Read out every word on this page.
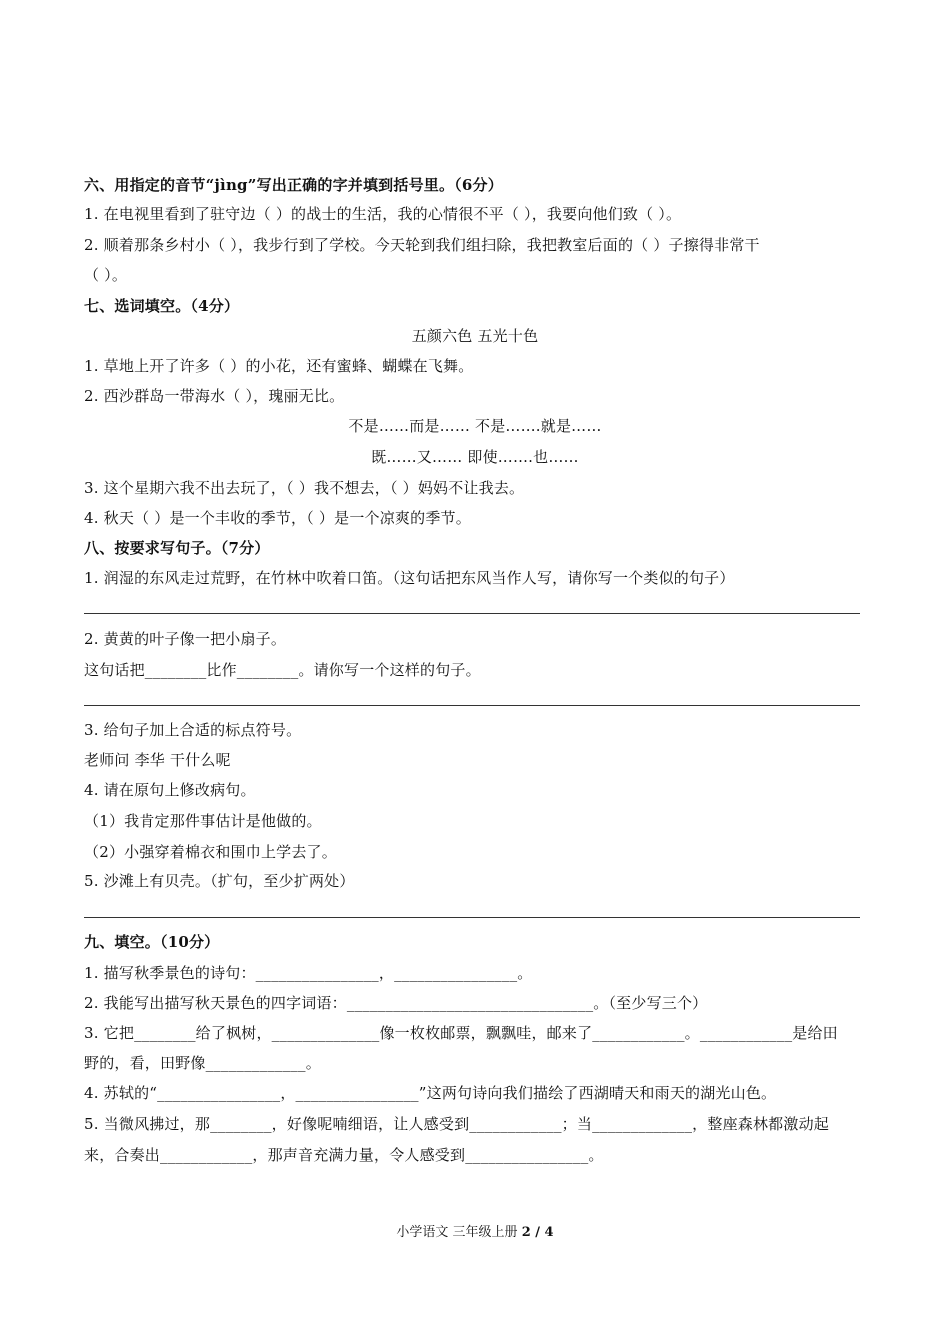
六、用指定的音节“jìng”写出正确的字并填到括号里。（6分）
1. 在电视里看到了驻守边（ ）的战士的生活，我的心情很不平（ ），我要向他们致（ ）。
2. 顺着那条乡村小（ ），我步行到了学校。今天轮到我们组扫除，我把教室后面的（ ）子擦得非常干
（ ）。
七、选词填空。（4分）
五颜六色 五光十色
1. 草地上开了许多（ ）的小花，还有蜜蜂、蝴蝶在飞舞。
2. 西沙群岛一带海水（ ），瑰丽无比。
不是……而是…… 不是…….就是……
既……又…… 即使…….也……
3. 这个星期六我不出去玩了，（ ）我不想去，（ ）妈妈不让我去。
4. 秋天（ ）是一个丰收的季节，（ ）是一个凉爽的季节。
八、按要求写句子。（7分）
1. 润湿的东风走过荒野，在竹林中吹着口笛。（这句话把东风当作人写，请你写一个类似的句子）
2. 黄黄的叶子像一把小扇子。
这句话把________比作________。请你写一个这样的句子。
3. 给句子加上合适的标点符号。
老师问 李华 干什么呢
4. 请在原句上修改病句。
（1）我肯定那件事估计是他做的。
（2）小强穿着棉衣和围巾上学去了。
5. 沙滩上有贝壳。（扩句，至少扩两处）
九、填空。（10分）
1. 描写秋季景色的诗句：________________，________________。
2. 我能写出描写秋天景色的四字词语：________________________________。（至少写三个）
3. 它把________给了枫树，______________像一枚枚邮票，飘飘哇，邮来了____________。____________是给田
野的，看，田野像_____________。
4. 苏轼的“________________，________________”这两句诗向我们描绘了西湖晴天和雨天的湖光山色。
5. 当微风拂过，那________，好像呢喃细语，让人感受到____________；当_____________，整座森林都激动起
来，合奏出____________，那声音充满力量，令人感受到________________。
小学语文 三年级上册 2 / 4
